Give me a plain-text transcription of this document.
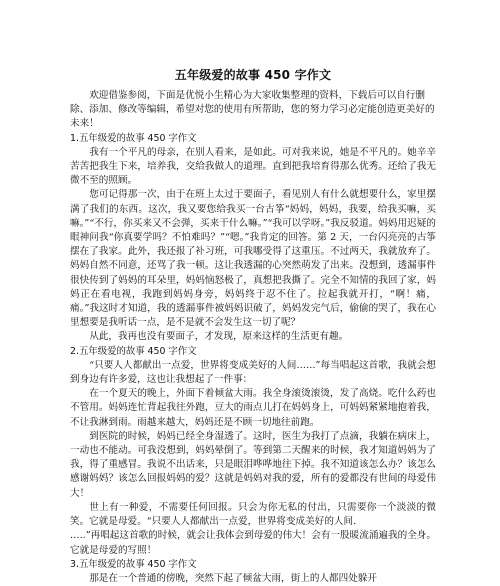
五年级爱的故事 450 字作文

欢迎借鉴参阅，下面是优悦小生精心为大家收集整理的资料，下载后可以自行删除、添加、修改等编辑，希望对您的使用有所帮助，您的努力学习必定能创造更美好的未来！

1.五年级爱的故事 450 字作文

我有一个平凡的母亲，在别人看来，是如此。可对我来说，她是不平凡的。她辛辛苦苦把我生下来，培养我，交给我做人的道理。直到把我培育得那么优秀。还给了我无微不至的照顾。

您可记得那一次，由于在班上太过于要面子，看见别人有什么就想要什么，家里摆满了我们的东西。这次，我又要您给我买一台古筝“妈妈，妈妈，我要，给我买嘛，买嘛。”“不行，你买来又不会弹，买来干什么嘛。”“我可以学呀。”我反驳道。妈妈用迟疑的眼神问我“你真要学吗？不怕难吗？”“嗯。”我肯定的回答。第 2 天，一台闪亮亮的古筝摆在了我家。此外，我还报了补习班，可我哪受得了这重压。不过两天，我就放弃了。妈妈自然不同意，还骂了我一顿。这让我透漏的心突然萌发了出来。没想到，透漏事件很快传到了妈妈的耳朵里，妈妈恼怒极了，真想把我撕了。完全不知情的我回了家，妈妈正在看电视，我跑到妈妈身旁，妈妈终于忍不住了。拉起我就开打，“啊！痛，痛。”我这时才知道，我的透漏事件被妈妈识破了，妈妈发完气后，偷偷的哭了，我在心里想要是我听话一点，是不是就不会发生这一切了呢？

从此，我再也没有要面子，才发现，原来这样的生活更有趣。

2.五年级爱的故事 450 字作文

“只要人人都献出一点爱，世界将变成美好的人间……”每当唱起这首歌，我就会想到身边有许多爱，这也让我想起了一件事：

在一个夏天的晚上，外面下着倾盆大雨。我全身滚烫滚烫，发了高烧。吃什么药也不管用。妈妈连忙背起我往外跑，豆大的雨点儿打在妈妈身上，可妈妈紧紧地抱着我，不让我淋到雨。雨越来越大，妈妈还是不顾一切地往前跑。

到医院的时候，妈妈已经全身湿透了。这时，医生为我打了点滴，我躺在病床上，一动也不能动。可我没想到，妈妈晕倒了。等到第二天醒来的时候，我才知道妈妈为了我，得了重感冒。我说不出话来，只是眼泪哗哗地往下掉。我不知道该怎么办？该怎么感谢妈妈？该怎么回报妈妈的爱？这就是妈妈对我的爱，所有的爱都没有世间的母爱伟大！

世上有一种爱，不需要任何回报。只会为你无私的付出，只需要你一个淡淡的微笑。它就是母爱。“只要人人都献出一点爱，世界将变成美好的人间.

…..”再唱起这首歌的时候，就会让我体会到母爱的伟大！会有一股暖流涌遍我的全身。它就是母爱的写照！

3.五年级爱的故事 450 字作文

那是在一个普通的傍晚，突然下起了倾盆大雨，街上的人都四处躲开
